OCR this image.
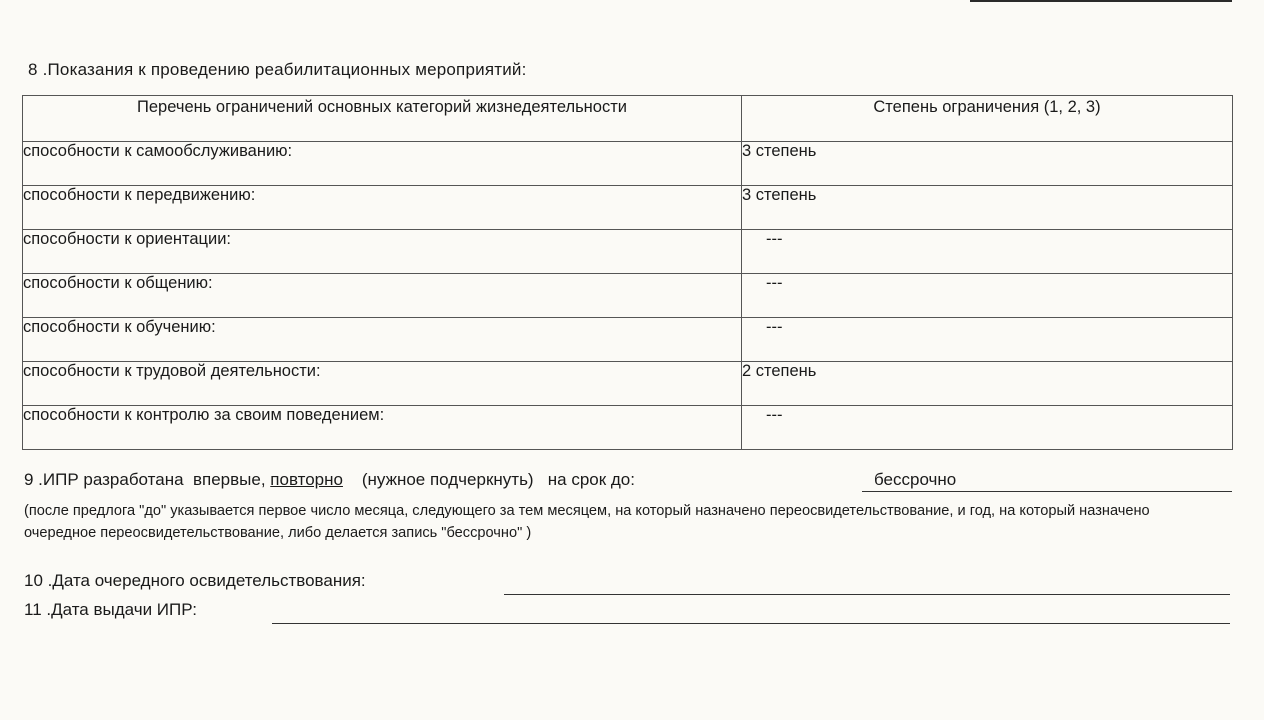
8 .Показания к проведению реабилитационных мероприятий:
Перечень ограничений основных категорий жизнедеятельности	Степень ограничения (1, 2, 3)
способности к самообслуживанию:	3 степень
способности к передвижению:	3 степень
способности к ориентации:	---
способности к общению:	---
способности к обучению:	---
способности к трудовой деятельности:	2 степень
способности к контролю за своим поведением:	---
9 .ИПР разработана  впервые, повторно    (нужное подчеркнуть)   на срок до:	бессрочно
(после предлога "до" указывается первое число месяца, следующего за тем месяцем, на который назначено переосвидетельствование, и год, на который назначено очередное переосвидетельствование, либо делается запись "бессрочно" )
10 .Дата очередного освидетельствования:
11 .Дата выдачи ИПР:
